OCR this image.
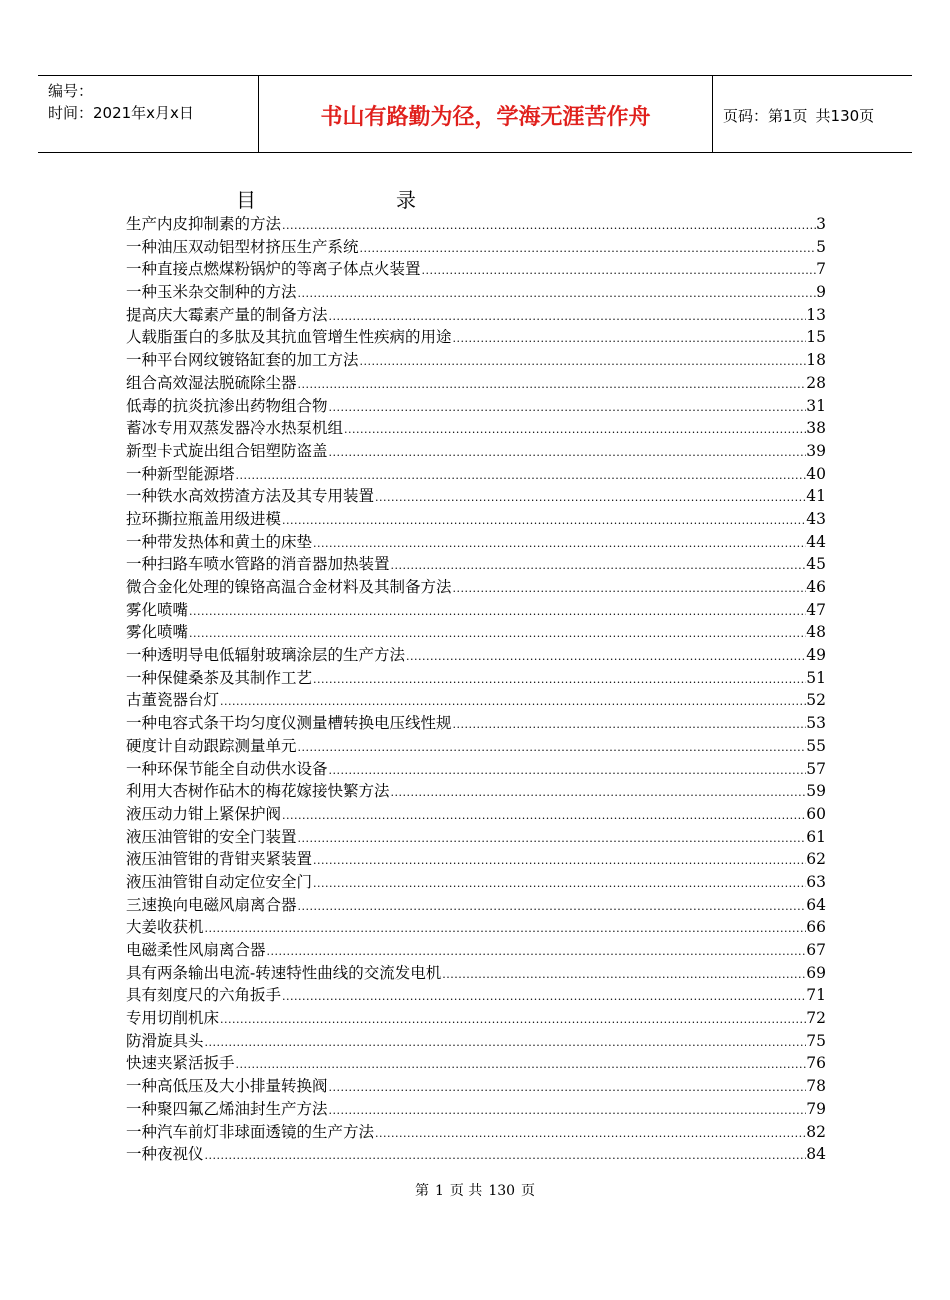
编号：
时间：2021年x月x日	书山有路勤为径，学海无涯苦作舟	页码：第1页 共130页
目	录
生产内皮抑制素的方法 .....	3
一种油压双动铝型材挤压生产系统 .....	5
一种直接点燃煤粉锅炉的等离子体点火装置 .....	7
一种玉米杂交制种的方法 .....	9
提高庆大霉素产量的制备方法 .....	13
人载脂蛋白的多肽及其抗血管增生性疾病的用途 .....	15
一种平台网纹镀铬缸套的加工方法 .....	18
组合高效湿法脱硫除尘器 .....	28
低毒的抗炎抗渗出药物组合物 .....	31
蓄冰专用双蒸发器冷水热泵机组 .....	38
新型卡式旋出组合铝塑防盗盖 .....	39
一种新型能源塔 .....	40
一种铁水高效捞渣方法及其专用装置 .....	41
拉环撕拉瓶盖用级进模 .....	43
一种带发热体和黄土的床垫 .....	44
一种扫路车喷水管路的消音器加热装置 .....	45
微合金化处理的镍铬高温合金材料及其制备方法 .....	46
雾化喷嘴 .....	47
雾化喷嘴 .....	48
一种透明导电低辐射玻璃涂层的生产方法 .....	49
一种保健桑茶及其制作工艺 .....	51
古董瓷器台灯 .....	52
一种电容式条干均匀度仪测量槽转换电压线性规 .....	53
硬度计自动跟踪测量单元 .....	55
一种环保节能全自动供水设备 .....	57
利用大杏树作砧木的梅花嫁接快繁方法 .....	59
液压动力钳上紧保护阀 .....	60
液压油管钳的安全门装置 .....	61
液压油管钳的背钳夹紧装置 .....	62
液压油管钳自动定位安全门 .....	63
三速换向电磁风扇离合器 .....	64
大姜收获机 .....	66
电磁柔性风扇离合器 .....	67
具有两条输出电流-转速特性曲线的交流发电机 .....	69
具有刻度尺的六角扳手 .....	71
专用切削机床 .....	72
防滑旋具头 .....	75
快速夹紧活扳手 .....	76
一种高低压及大小排量转换阀 .....	78
一种聚四氟乙烯油封生产方法 .....	79
一种汽车前灯非球面透镜的生产方法 .....	82
一种夜视仪 .....	84
第 1 页 共 130 页
